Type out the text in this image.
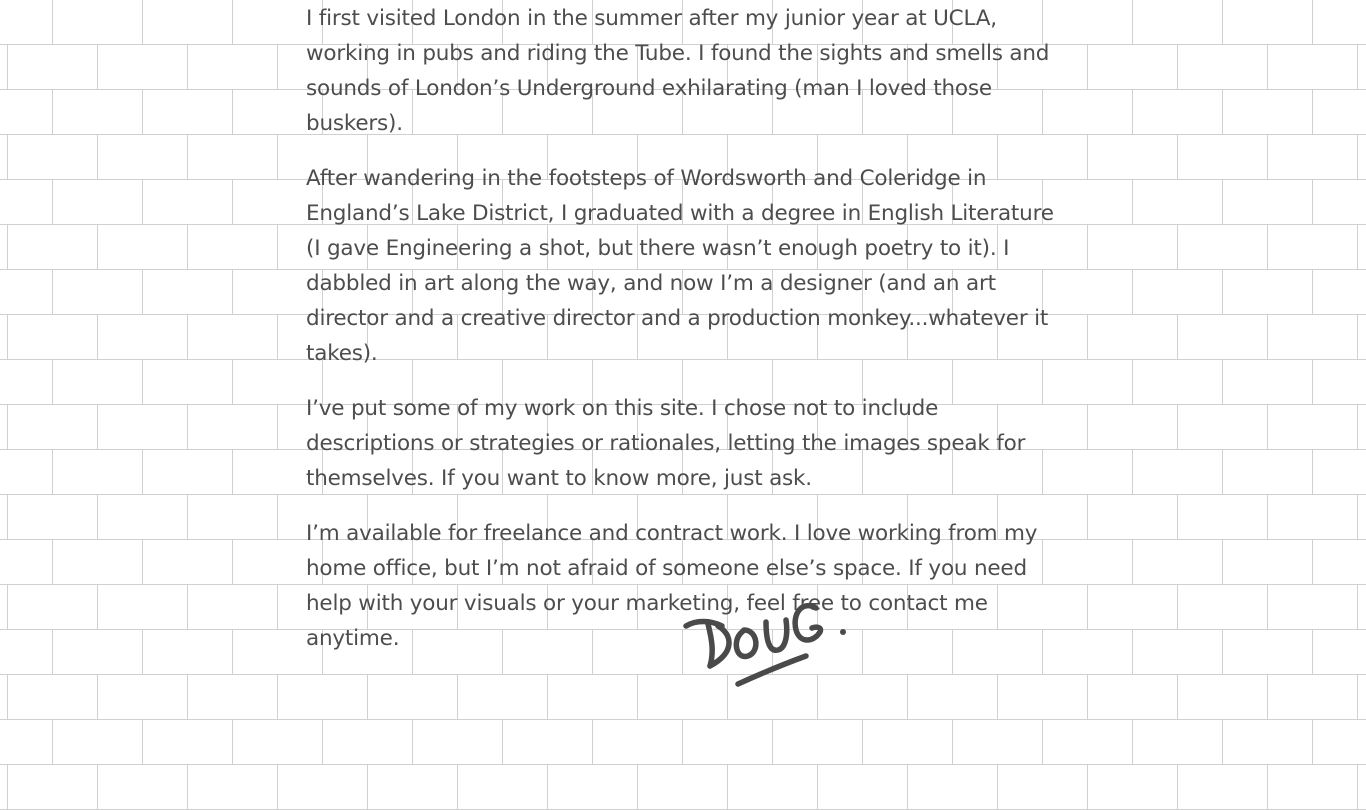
I first visited London in the summer after my junior year at UCLA, working in pubs and riding the Tube. I found the sights and smells and sounds of London’s Underground exhilarating (man I loved those buskers).

After wandering in the footsteps of Wordsworth and Coleridge in England’s Lake District, I graduated with a degree in English Literature (I gave Engineering a shot, but there wasn’t enough poetry to it). I dabbled in art along the way, and now I’m a designer (and an art director and a creative director and a production monkey...whatever it takes).

I’ve put some of my work on this site. I chose not to include descriptions or strategies or rationales, letting the images speak for themselves. If you want to know more, just ask.

I’m available for freelance and contract work. I love working from my home office, but I’m not afraid of someone else’s space. If you need help with your visuals or your marketing, feel free to contact me anytime.

DOUG.
